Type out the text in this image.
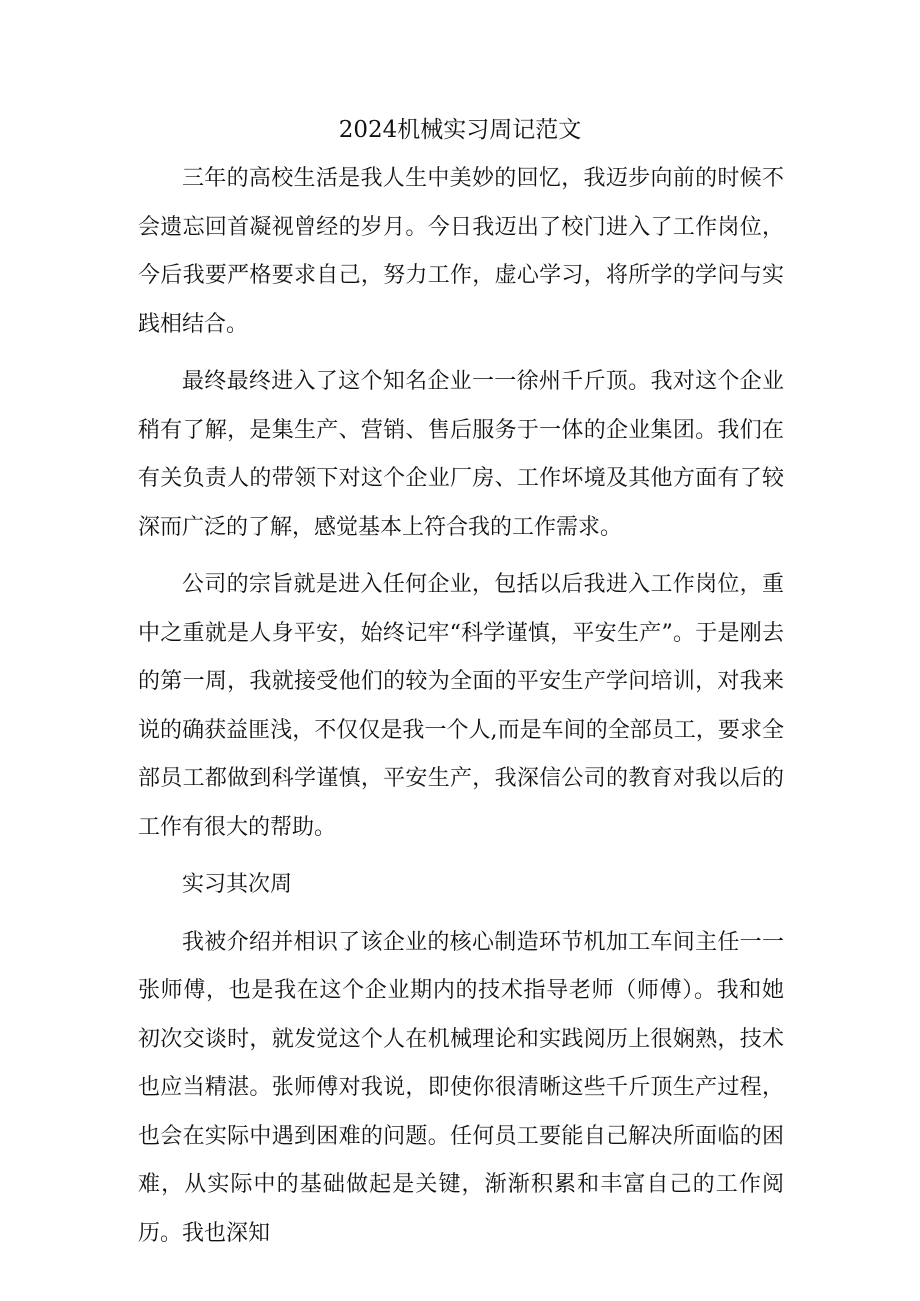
2024机械实习周记范文

三年的高校生活是我人生中美妙的回忆，我迈步向前的时候不会遗忘回首凝视曾经的岁月。今日我迈出了校门进入了工作岗位，今后我要严格要求自己，努力工作，虚心学习，将所学的学问与实践相结合。

最终最终进入了这个知名企业一一徐州千斤顶。我对这个企业稍有了解，是集生产、营销、售后服务于一体的企业集团。我们在有关负责人的带领下对这个企业厂房、工作坏境及其他方面有了较深而广泛的了解，感觉基本上符合我的工作需求。

公司的宗旨就是进入任何企业，包括以后我进入工作岗位，重中之重就是人身平安，始终记牢“科学谨慎，平安生产”。于是刚去的第一周，我就接受他们的较为全面的平安生产学问培训，对我来说的确获益匪浅，不仅仅是我一个人,而是车间的全部员工，要求全部员工都做到科学谨慎，平安生产，我深信公司的教育对我以后的工作有很大的帮助。

实习其次周

我被介绍并相识了该企业的核心制造环节机加工车间主任一一张师傅，也是我在这个企业期内的技术指导老师（师傅）。我和她初次交谈时，就发觉这个人在机械理论和实践阅历上很娴熟，技术也应当精湛。张师傅对我说，即使你很清晰这些千斤顶生产过程，也会在实际中遇到困难的问题。任何员工要能自己解决所面临的困难，从实际中的基础做起是关键，渐渐积累和丰富自己的工作阅历。我也深知
